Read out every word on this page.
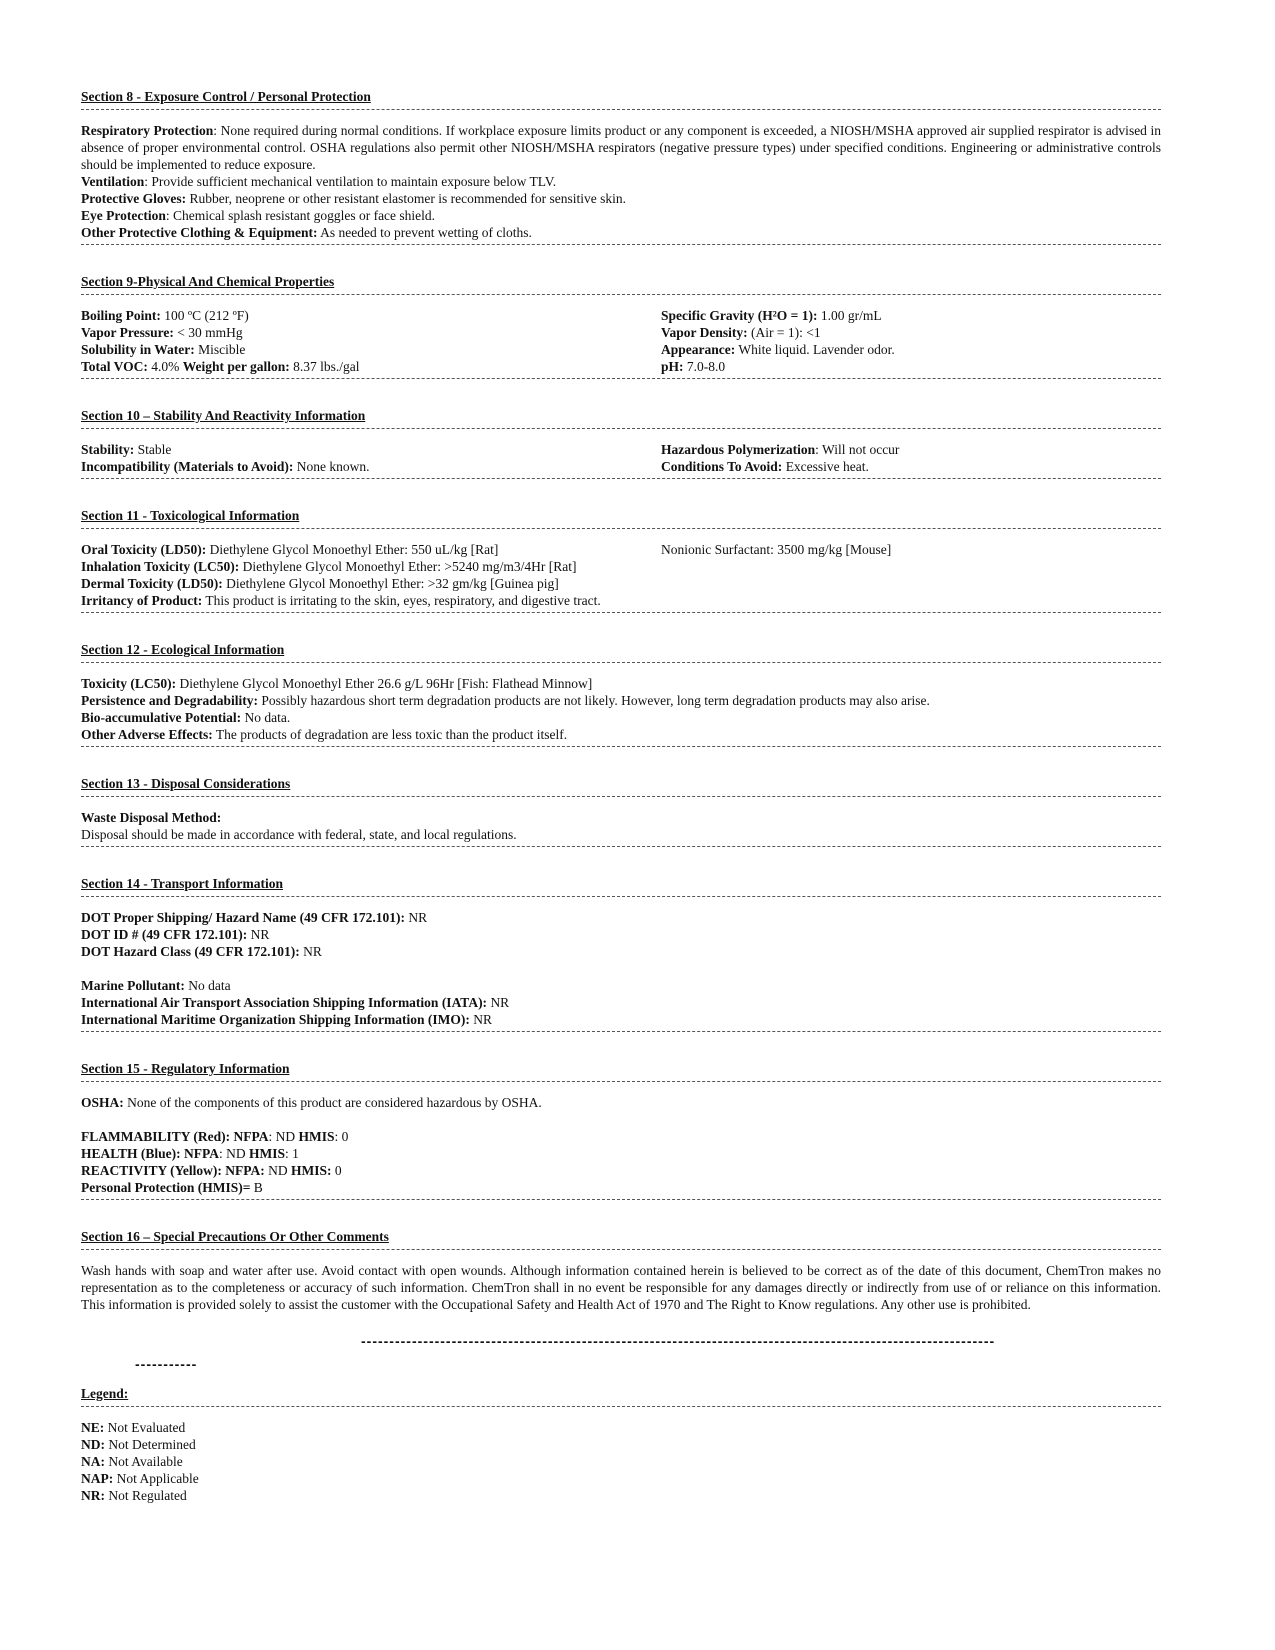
Section 8 - Exposure Control / Personal Protection

Respiratory Protection: None required during normal conditions. If workplace exposure limits product or any component is exceeded, a NIOSH/MSHA approved air supplied respirator is advised in absence of proper environmental control. OSHA regulations also permit other NIOSH/MSHA respirators (negative pressure types) under specified conditions. Engineering or administrative controls should be implemented to reduce exposure.

Ventilation: Provide sufficient mechanical ventilation to maintain exposure below TLV.

Protective Gloves: Rubber, neoprene or other resistant elastomer is recommended for sensitive skin.

Eye Protection: Chemical splash resistant goggles or face shield.

Other Protective Clothing & Equipment: As needed to prevent wetting of cloths.

Section 9-Physical And Chemical Properties

Boiling Point: 100 ºC (212 ºF)

Vapor Pressure: < 30 mmHg

Solubility in Water: Miscible

Total VOC: 4.0% Weight per gallon: 8.37 lbs./gal

Specific Gravity (H²O = 1): 1.00 gr/mL

Vapor Density: (Air = 1): <1

Appearance: White liquid. Lavender odor.

pH: 7.0-8.0

Section 10 – Stability And Reactivity Information

Stability: Stable

Incompatibility (Materials to Avoid): None known.

Hazardous Polymerization: Will not occur

Conditions To Avoid: Excessive heat.

Section 11 - Toxicological Information

Oral Toxicity (LD50): Diethylene Glycol Monoethyl Ether: 550 uL/kg [Rat]	Nonionic Surfactant: 3500 mg/kg [Mouse]

Inhalation Toxicity (LC50): Diethylene Glycol Monoethyl Ether: >5240 mg/m3/4Hr [Rat]

Dermal Toxicity (LD50): Diethylene Glycol Monoethyl Ether: >32 gm/kg [Guinea pig]

Irritancy of Product: This product is irritating to the skin, eyes, respiratory, and digestive tract.

Section 12 - Ecological Information

Toxicity (LC50): Diethylene Glycol Monoethyl Ether 26.6 g/L 96Hr [Fish: Flathead Minnow]

Persistence and Degradability: Possibly hazardous short term degradation products are not likely. However, long term degradation products may also arise.

Bio-accumulative Potential: No data.

Other Adverse Effects: The products of degradation are less toxic than the product itself.

Section 13 - Disposal Considerations

Waste Disposal Method:

Disposal should be made in accordance with federal, state, and local regulations.

Section 14 - Transport Information

DOT Proper Shipping/ Hazard Name (49 CFR 172.101): NR

DOT ID # (49 CFR 172.101): NR

DOT Hazard Class (49 CFR 172.101): NR

Marine Pollutant: No data

International Air Transport Association Shipping Information (IATA): NR

International Maritime Organization Shipping Information (IMO): NR

Section 15 - Regulatory Information

OSHA: None of the components of this product are considered hazardous by OSHA.

FLAMMABILITY (Red): NFPA: ND HMIS: 0

HEALTH (Blue): NFPA: ND HMIS: 1

REACTIVITY (Yellow): NFPA: ND HMIS: 0

Personal Protection (HMIS)= B

Section 16 – Special Precautions Or Other Comments

Wash hands with soap and water after use. Avoid contact with open wounds. Although information contained herein is believed to be correct as of the date of this document, ChemTron makes no representation as to the completeness or accuracy of such information. ChemTron shall in no event be responsible for any damages directly or indirectly from use of or reliance on this information. This information is provided solely to assist the customer with the Occupational Safety and Health Act of 1970 and The Right to Know regulations. Any other use is prohibited.

----------------------------------------------------------------------------------------------------------------
-----------

Legend:

NE: Not Evaluated

ND: Not Determined

NA: Not Available

NAP: Not Applicable

NR: Not Regulated
